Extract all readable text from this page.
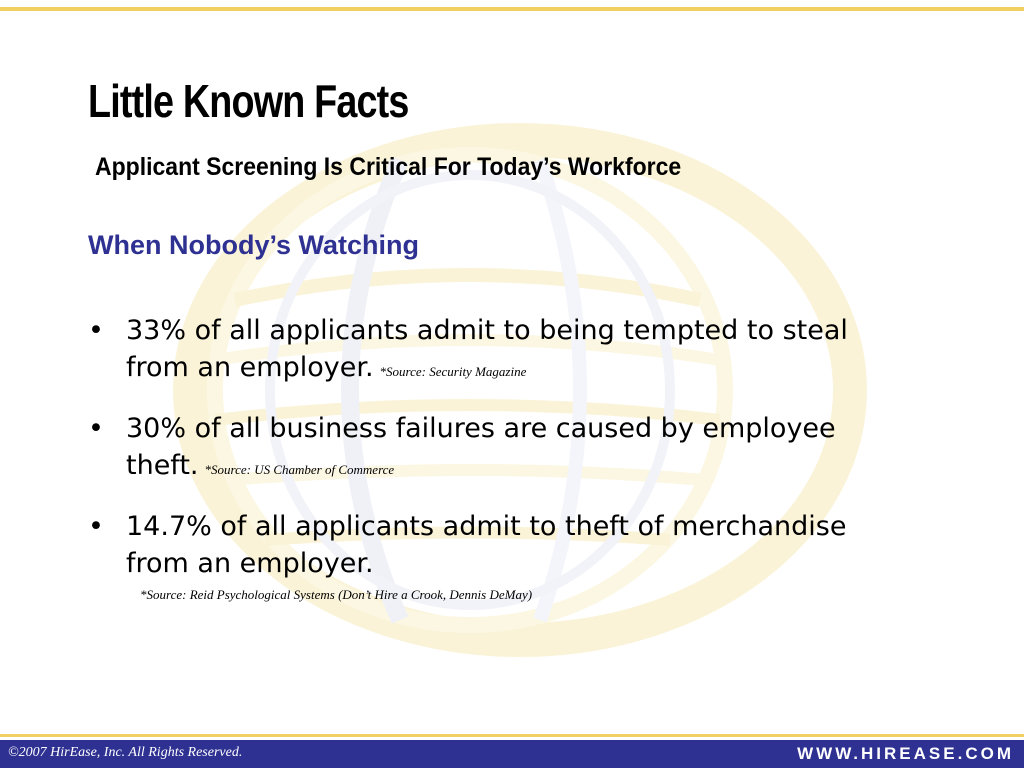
Little Known Facts
Applicant Screening Is Critical For Today’s Workforce
When Nobody’s Watching
• 33% of all applicants admit to being tempted to steal from an employer. *Source: Security Magazine
• 30% of all business failures are caused by employee theft. *Source: US Chamber of Commerce
• 14.7% of all applicants admit to theft of merchandise from an employer.
*Source: Reid Psychological Systems (Don’t Hire a Crook, Dennis DeMay)
©2007 HirEase, Inc. All Rights Reserved.	WWW.HIREASE.COM
